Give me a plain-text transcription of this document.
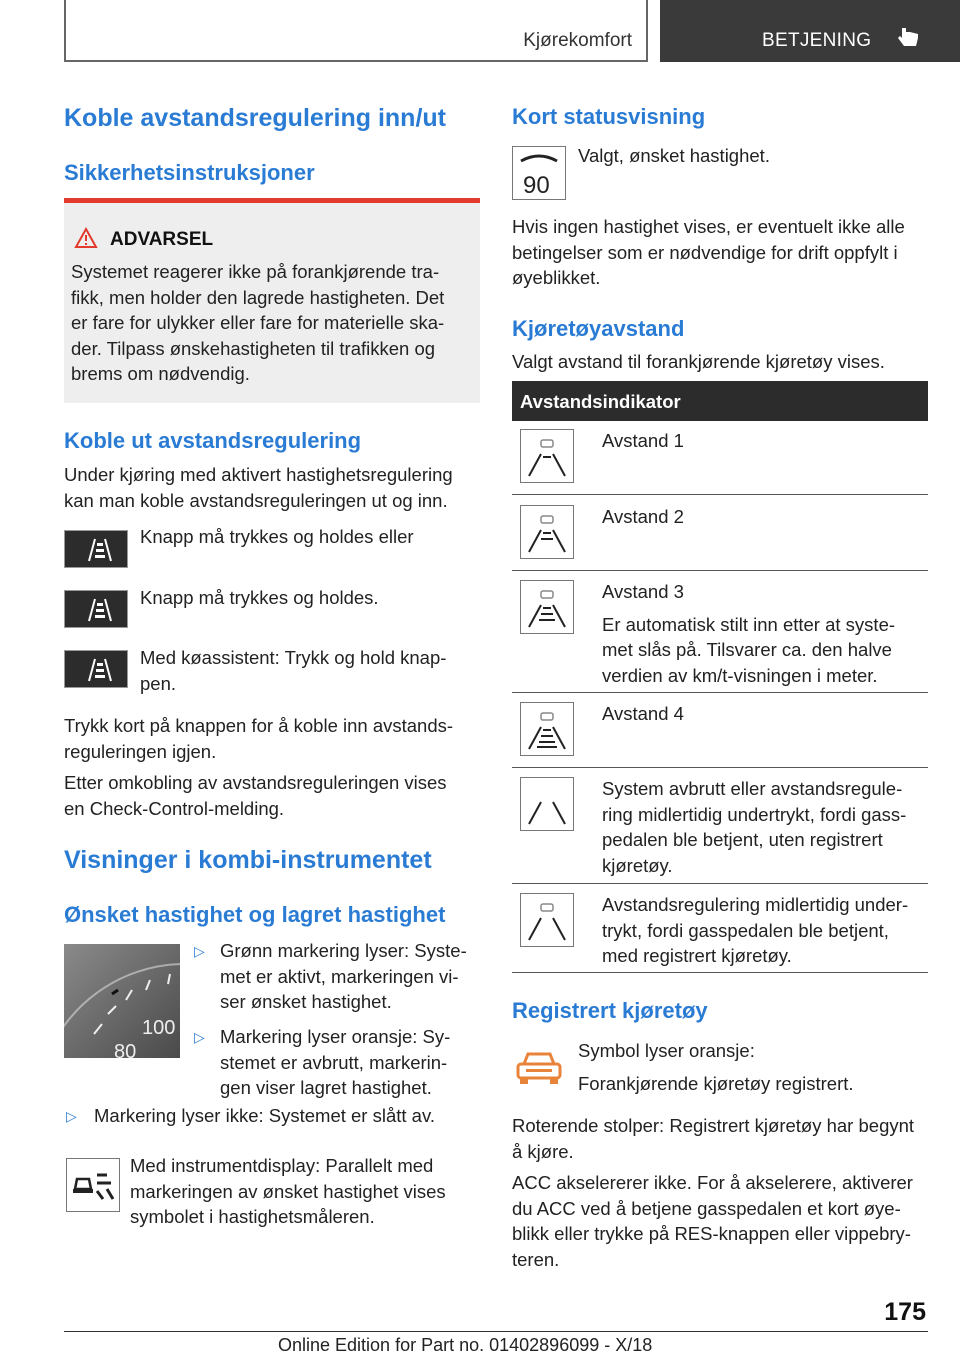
Kjørekomfort	BETJENING
Koble avstandsregulering inn/ut
Sikkerhetsinstruksjoner
ADVARSEL
Systemet reagerer ikke på forankjørende tra-
fikk, men holder den lagrede hastigheten. Det
er fare for ulykker eller fare for materielle ska-
der. Tilpass ønskehastigheten til trafikken og
brems om nødvendig.
Koble ut avstandsregulering
Under kjøring med aktivert hastighetsregulering
kan man koble avstandsreguleringen ut og inn.
Knapp må trykkes og holdes eller
Knapp må trykkes og holdes.
Med køassistent: Trykk og hold knap-
pen.
Trykk kort på knappen for å koble inn avstands-
reguleringen igjen.
Etter omkobling av avstandsreguleringen vises
en Check-Control-melding.
Visninger i kombi-instrumentet
Ønsket hastighet og lagret hastighet
100
80
▷ Grønn markering lyser: Syste-
met er aktivt, markeringen vi-
ser ønsket hastighet.
▷ Markering lyser oransje: Sy-
stemet er avbrutt, markerin-
gen viser lagret hastighet.
▷ Markering lyser ikke: Systemet er slått av.
Med instrumentdisplay: Parallelt med
markeringen av ønsket hastighet vises
symbolet i hastighetsmåleren.
Kort statusvisning
90
Valgt, ønsket hastighet.
Hvis ingen hastighet vises, er eventuelt ikke alle
betingelser som er nødvendige for drift oppfylt i
øyeblikket.
Kjøretøyavstand
Valgt avstand til forankjørende kjøretøy vises.
Avstandsindikator
Avstand 1
Avstand 2
Avstand 3
Er automatisk stilt inn etter at syste-
met slås på. Tilsvarer ca. den halve
verdien av km/t-visningen i meter.
Avstand 4
System avbrutt eller avstandsregule-
ring midlertidig undertrykt, fordi gass-
pedalen ble betjent, uten registrert
kjøretøy.
Avstandsregulering midlertidig under-
trykt, fordi gasspedalen ble betjent,
med registrert kjøretøy.
Registrert kjøretøy
Symbol lyser oransje:
Forankjørende kjøretøy registrert.
Roterende stolper: Registrert kjøretøy har begynt
å kjøre.
ACC akselererer ikke. For å akselerere, aktiverer
du ACC ved å betjene gasspedalen et kort øye-
blikk eller trykke på RES-knappen eller vippebry-
teren.
175
Online Edition for Part no. 01402896099 - X/18
